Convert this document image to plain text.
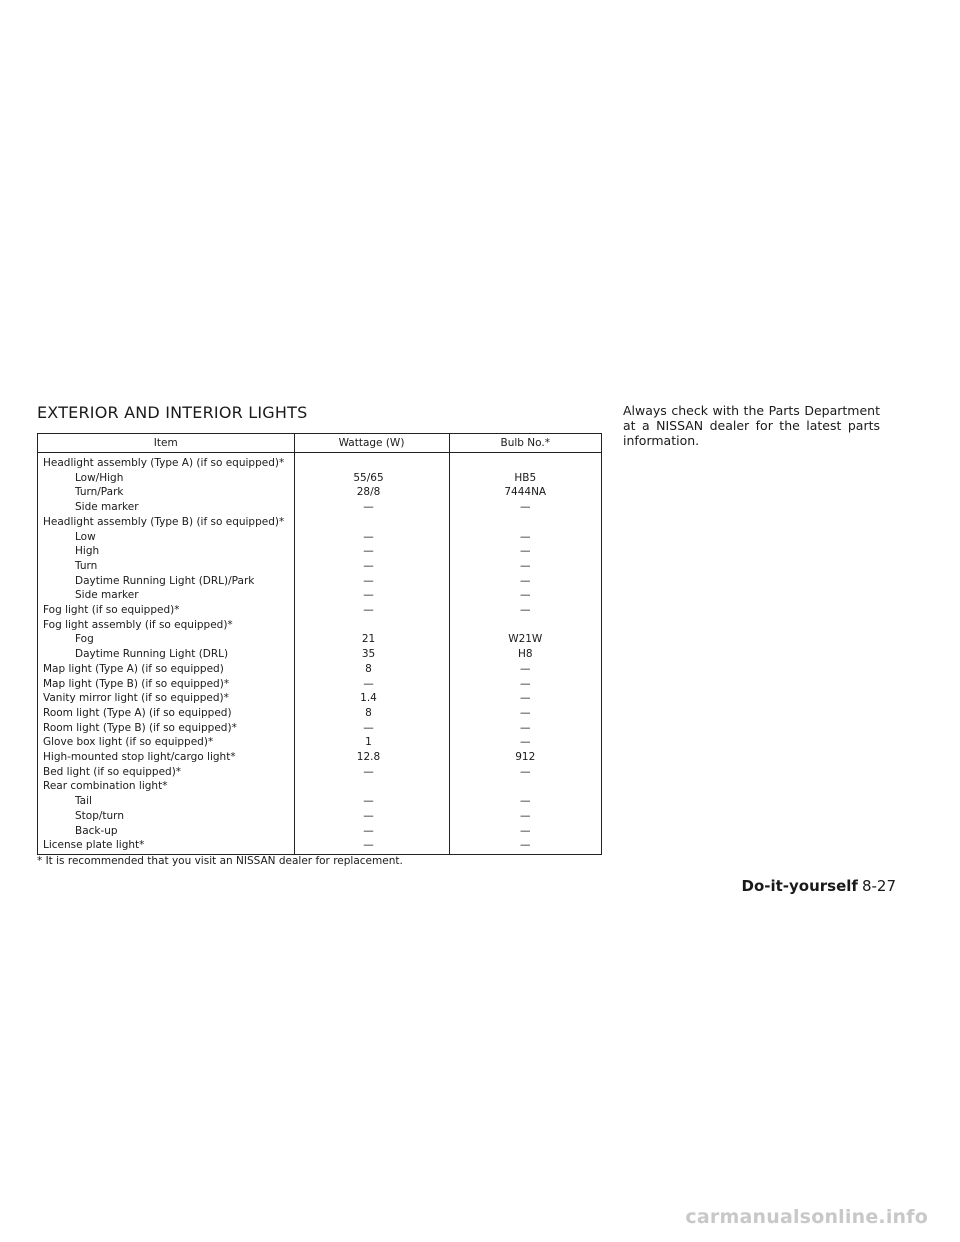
EXTERIOR AND INTERIOR LIGHTS
Item	Wattage (W)	Bulb No.*
Headlight assembly (Type A) (if so equipped)*		
Low/High	55/65	HB5
Turn/Park	28/8	7444NA
Side marker	—	—
Headlight assembly (Type B) (if so equipped)*		
Low	—	—
High	—	—
Turn	—	—
Daytime Running Light (DRL)/Park	—	—
Side marker	—	—
Fog light (if so equipped)*	—	—
Fog light assembly (if so equipped)*		
Fog	21	W21W
Daytime Running Light (DRL)	35	H8
Map light (Type A) (if so equipped)	8	—
Map light (Type B) (if so equipped)*	—	—
Vanity mirror light (if so equipped)*	1.4	—
Room light (Type A) (if so equipped)	8	—
Room light (Type B) (if so equipped)*	—	—
Glove box light (if so equipped)*	1	—
High-mounted stop light/cargo light*	12.8	912
Bed light (if so equipped)*	—	—
Rear combination light*		
Tail	—	—
Stop/turn	—	—
Back-up	—	—
License plate light*	—	—
* It is recommended that you visit an NISSAN dealer for replacement.
Always check with the Parts Department at a NISSAN dealer for the latest parts information.
Do-it-yourself 8-27
carmanualsonline.info
